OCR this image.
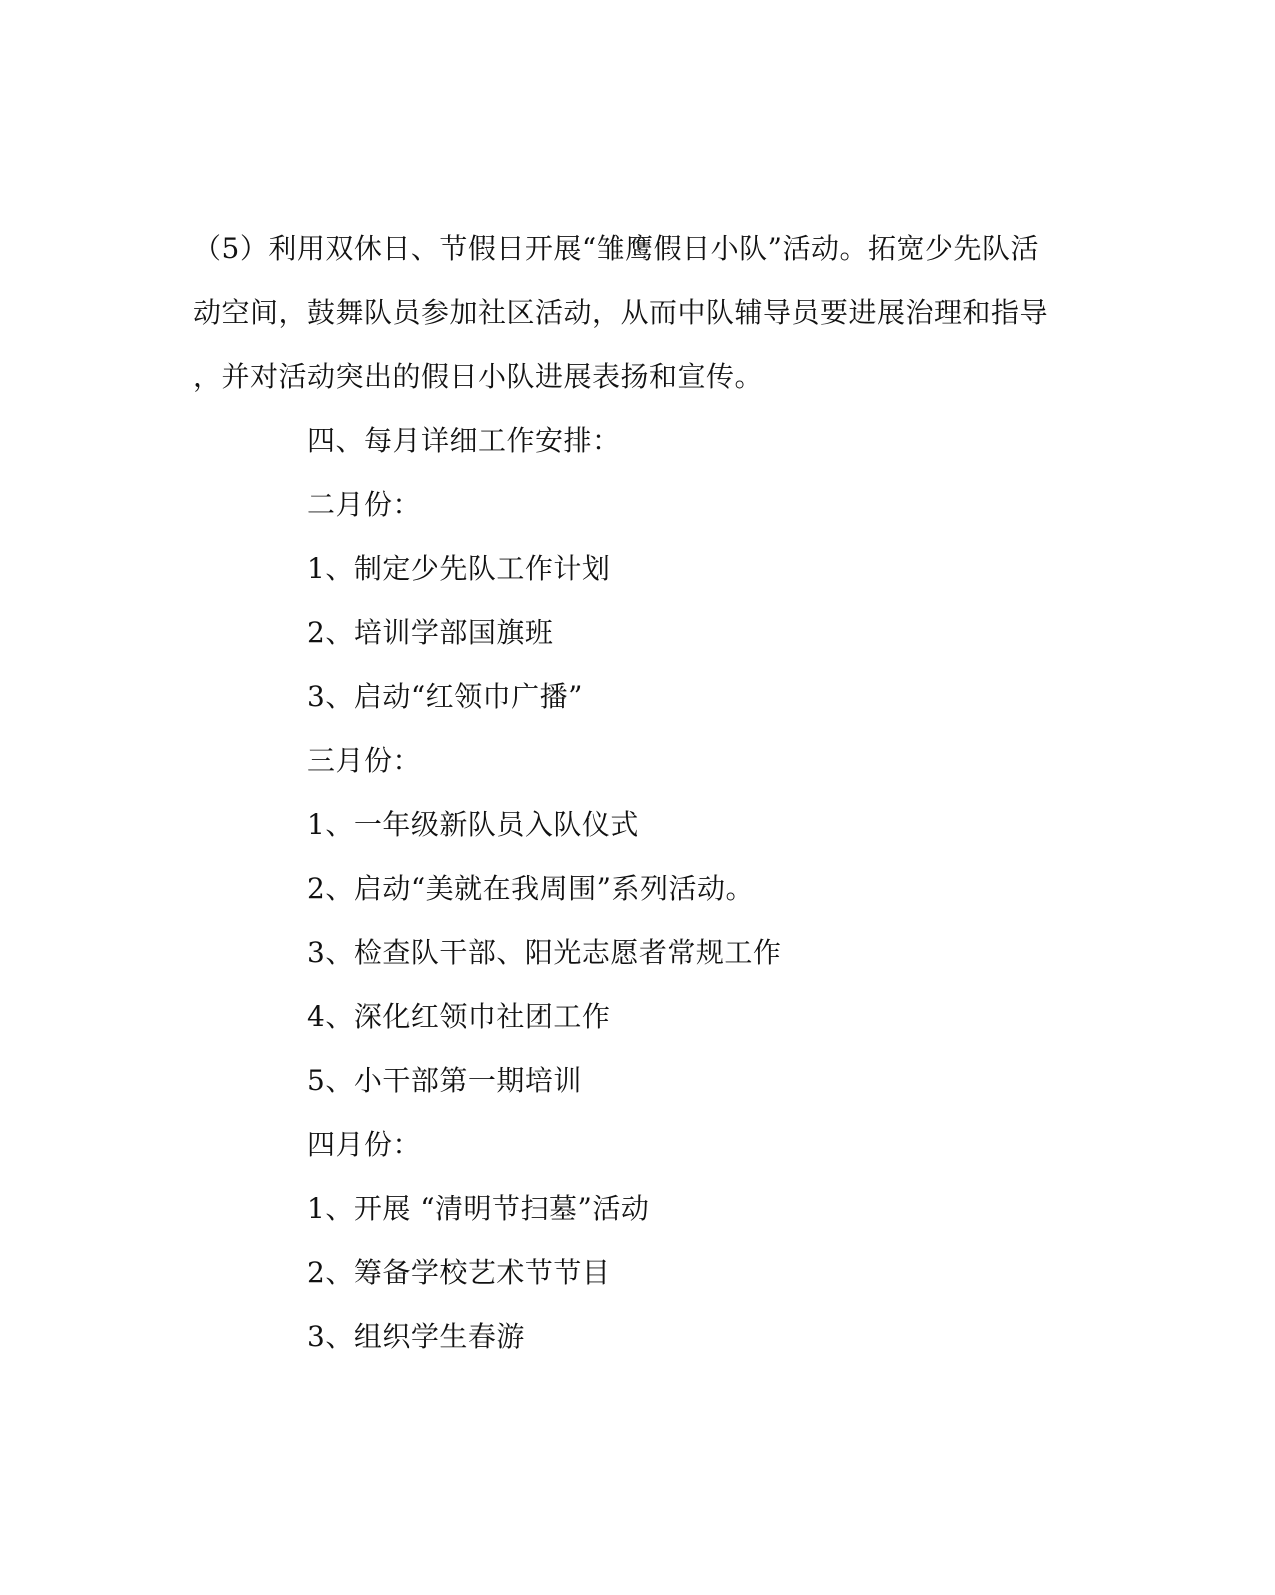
（5）利用双休日、节假日开展“雏鹰假日小队”活动。拓宽少先队活
动空间，鼓舞队员参加社区活动，从而中队辅导员要进展治理和指导
，并对活动突出的假日小队进展表扬和宣传。
四、每月详细工作安排：
二月份：
1、制定少先队工作计划
2、培训学部国旗班
3、启动“红领巾广播”
三月份：
1、一年级新队员入队仪式
2、启动“美就在我周围”系列活动。
3、检查队干部、阳光志愿者常规工作
4、深化红领巾社团工作
5、小干部第一期培训
四月份：
1、开展 “清明节扫墓”活动
2、筹备学校艺术节节目
3、组织学生春游
